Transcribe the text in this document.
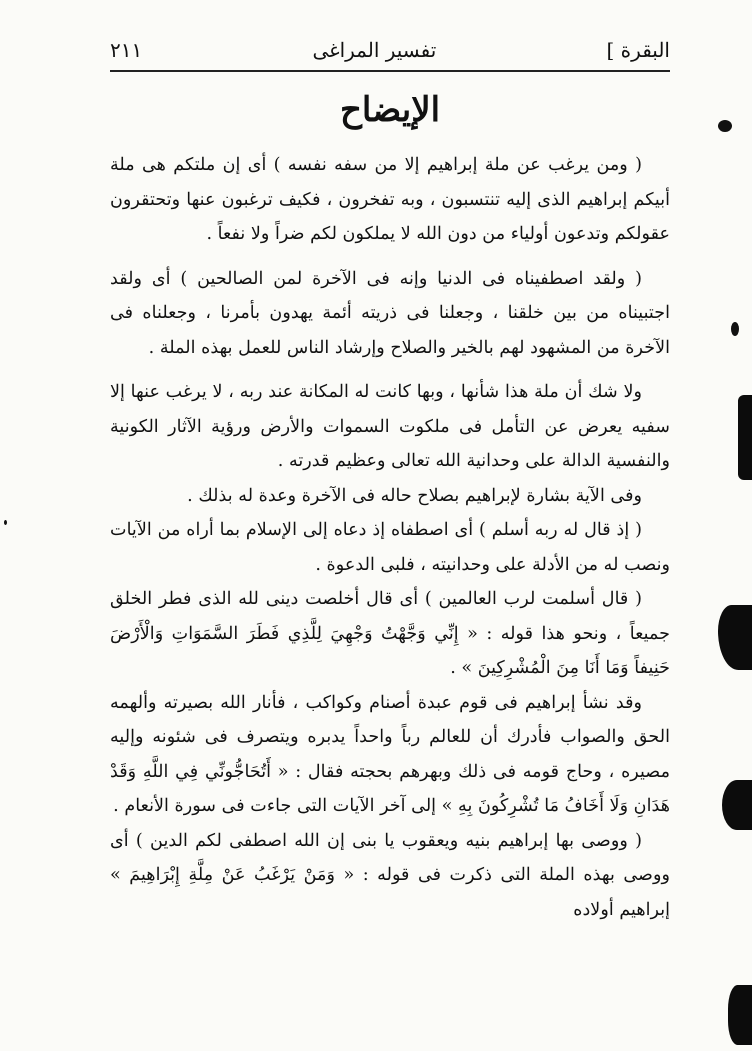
البقرة ]
تفسير المراغى
٢١١
الإيضاح

( ومن يرغب عن ملة إبراهيم إلا من سفه نفسه ) أى إن ملتكم هى ملة أبيكم إبراهيم الذى إليه تنتسبون ، وبه تفخرون ، فكيف ترغبون عنها وتحتقرون عقولكم وتدعون أولياء من دون الله لا يملكون لكم ضراً ولا نفعاً .

( ولقد اصطفيناه فى الدنيا وإنه فى الآخرة لمن الصالحين ) أى ولقد اجتبيناه من بين خلقنا ، وجعلنا فى ذريته أئمة يهدون بأمرنا ، وجعلناه فى الآخرة من المشهود لهم بالخير والصلاح وإرشاد الناس للعمل بهذه الملة .

ولا شك أن ملة هذا شأنها ، وبها كانت له المكانة عند ربه ، لا يرغب عنها إلا سفيه يعرض عن التأمل فى ملكوت السموات والأرض ورؤية الآثار الكونية والنفسية الدالة على وحدانية الله تعالى وعظيم قدرته .

وفى الآية بشارة لإبراهيم بصلاح حاله فى الآخرة وعدة له بذلك .

( إذ قال له ربه أسلم ) أى اصطفاه إذ دعاه إلى الإسلام بما أراه من الآيات ونصب له من الأدلة على وحدانيته ، فلبى الدعوة .

( قال أسلمت لرب العالمين ) أى قال أخلصت دينى لله الذى فطر الخلق جميعاً ، ونحو هذا قوله : « إِنِّي وَجَّهْتُ وَجْهِيَ لِلَّذِي فَطَرَ السَّمَوَاتِ وَالْأَرْضَ حَنِيفاً وَمَا أَنَا مِنَ الْمُشْرِكِينَ » .

وقد نشأ إبراهيم فى قوم عبدة أصنام وكواكب ، فأنار الله بصيرته وألهمه الحق والصواب فأدرك أن للعالم رباً واحداً يدبره ويتصرف فى شئونه وإليه مصيره ، وحاج قومه فى ذلك وبهرهم بحجته فقال : « أَتُحَاجُّونِّي فِي اللَّهِ وَقَدْ هَدَانِ وَلَا أَخَافُ مَا تُشْرِكُونَ بِهِ » إلى آخر الآيات التى جاءت فى سورة الأنعام .

( ووصى بها إبراهيم بنيه ويعقوب يا بنى إن الله اصطفى لكم الدين ) أى ووصى بهذه الملة التى ذكرت فى قوله : « وَمَنْ يَرْغَبُ عَنْ مِلَّةِ إِبْرَاهِيمَ » إبراهيم أولاده
